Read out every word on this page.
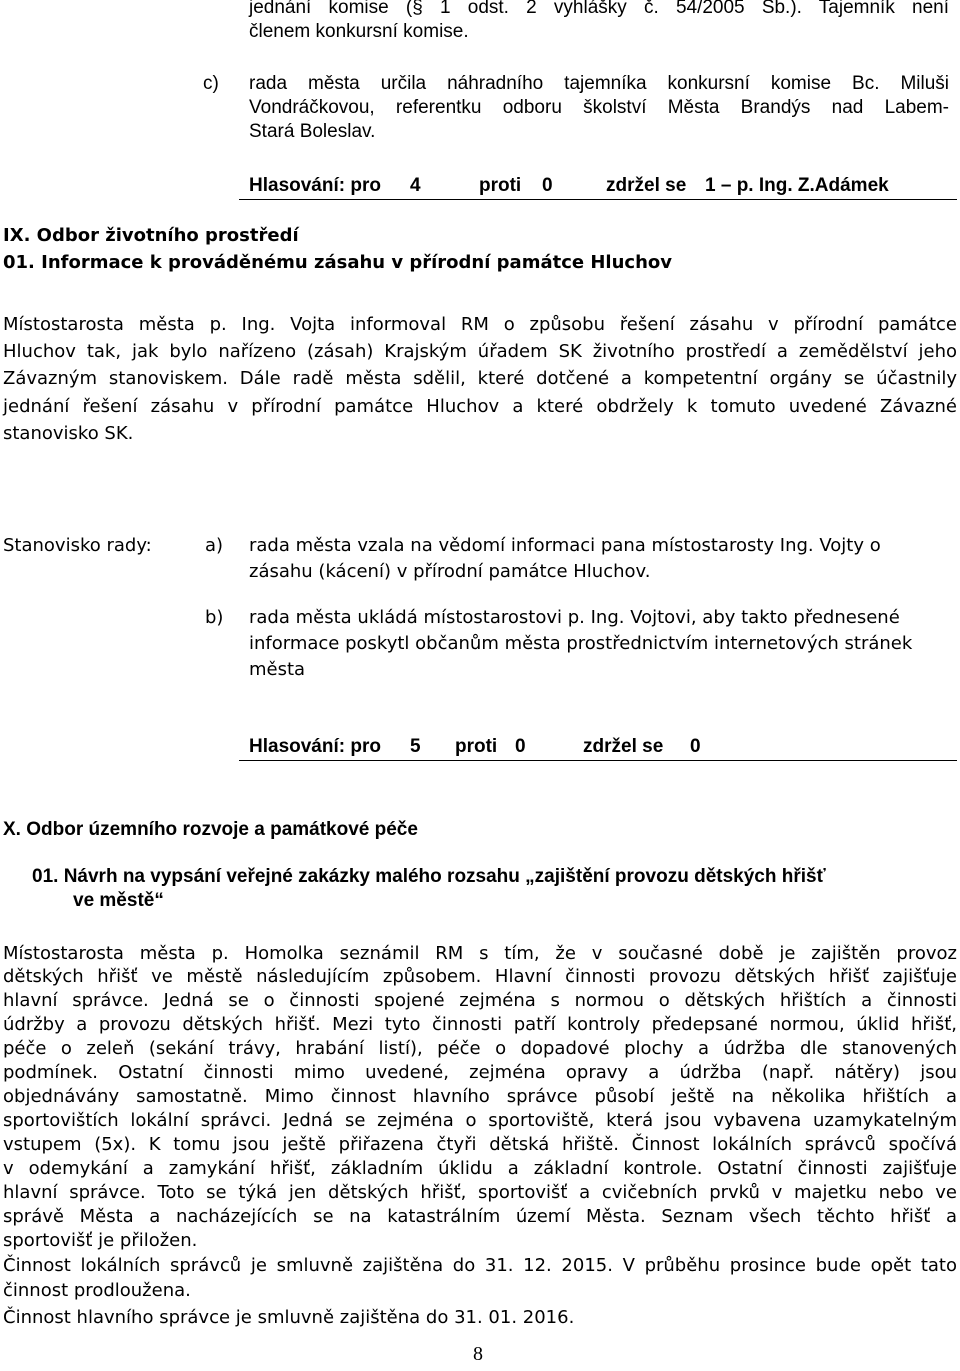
jednání komise (§ 1 odst. 2 vyhlášky č. 54/2005 Sb.). Tajemník není
členem konkursní komise.
c) rada města určila náhradního tajemníka konkursní komise Bc. Miluši
Vondráčkovou, referentku odboru školství Města Brandýs nad Labem-
Stará Boleslav.
Hlasování: pro 4	proti 0	zdržel se 1 – p. Ing. Z.Adámek
IX. Odbor životního prostředí
01. Informace k prováděnému zásahu v přírodní památce Hluchov
Místostarosta města p. Ing. Vojta informoval RM o způsobu řešení zásahu v přírodní památce
Hluchov tak, jak bylo nařízeno (zásah) Krajským úřadem SK životního prostředí a zemědělství jeho
Závazným stanoviskem. Dále radě města sdělil, které dotčené a kompetentní orgány se účastnily
jednání řešení zásahu v přírodní památce Hluchov a které obdržely k tomuto uvedené Závazné
stanovisko SK.
Stanovisko rady:	a) rada města vzala na vědomí informaci pana místostarosty Ing. Vojty o
zásahu (kácení) v přírodní památce Hluchov.
b) rada města ukládá místostarostovi p. Ing. Vojtovi, aby takto přednesené
informace poskytl občanům města prostřednictvím internetových stránek
města
Hlasování: pro 5 proti 0	zdržel se 0
X. Odbor územního rozvoje a památkové péče
01. Návrh na vypsání veřejné zakázky malého rozsahu „zajištění provozu dětských hřišť
ve městě“
Místostarosta města p. Homolka seznámil RM s tím, že v současné době je zajištěn provoz
dětských hřišť ve městě následujícím způsobem. Hlavní činnosti provozu dětských hřišť zajišťuje
hlavní správce. Jedná se o činnosti spojené zejména s normou o dětských hřištích a činnosti
údržby a provozu dětských hřišť. Mezi tyto činnosti patří kontroly předepsané normou, úklid hřišť,
péče o zeleň (sekání trávy, hrabání listí), péče o dopadové plochy a údržba dle stanovených
podmínek. Ostatní činnosti mimo uvedené, zejména opravy a údržba (např. nátěry) jsou
objednávány samostatně. Mimo činnost hlavního správce působí ještě na několika hřištích a
sportovištích lokální správci. Jedná se zejména o sportoviště, která jsou vybavena uzamykatelným
vstupem (5x). K tomu jsou ještě přiřazena čtyři dětská hřiště. Činnost lokálních správců spočívá
v odemykání a zamykání hřišť, základním úklidu a základní kontrole. Ostatní činnosti zajišťuje
hlavní správce. Toto se týká jen dětských hřišť, sportovišť a cvičebních prvků v majetku nebo ve
správě Města a nacházejících se na katastrálním území Města. Seznam všech těchto hřišť a
sportovišť je přiložen.
Činnost lokálních správců je smluvně zajištěna do 31. 12. 2015. V průběhu prosince bude opět tato
činnost prodloužena.
Činnost hlavního správce je smluvně zajištěna do 31. 01. 2016.
8
